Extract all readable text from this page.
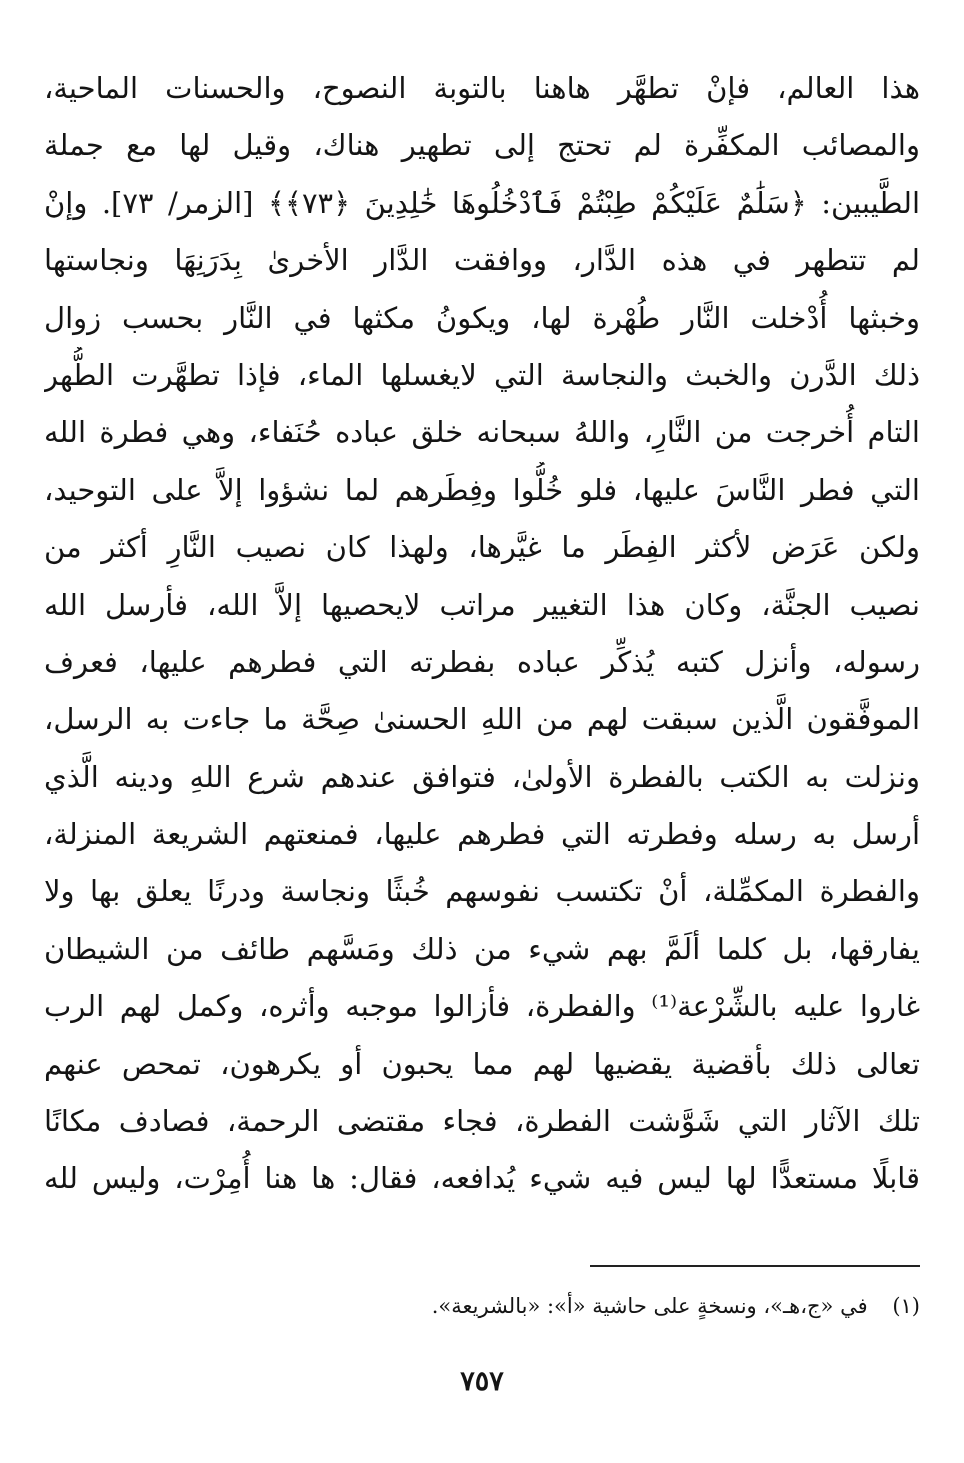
هذا العالم، فإنْ تطهَّر هاهنا بالتوبة النصوح، والحسنات الماحية،
والمصائب المكفِّرة لم تحتج إلى تطهير هناك، وقيل لها مع جملة
الطَّيبين: ﴿سَلَٰمٌ عَلَيْكُمْ طِبْتُمْ فَٱدْخُلُوهَا خَٰلِدِينَ ﴿٧٣﴾﴾ [الزمر/ ٧٣]. وإنْ
لم تتطهر في هذه الدَّار، ووافقت الدَّار الأخرىٰ بِدَرَنِهَا ونجاستها
وخبثها أُدْخلت النَّار طُهْرة لها، ويكونُ مكثها في النَّار بحسب زوال
ذلك الدَّرن والخبث والنجاسة التي لايغسلها الماء، فإذا تطهَّرت الطُّهر
التام أُخرجت من النَّارِ، واللهُ سبحانه خلق عباده حُنَفاء، وهي فطرة الله
التي فطر النَّاسَ عليها، فلو خُلُّوا وفِطَرهم لما نشؤوا إلاَّ على التوحيد،
ولكن عَرَض لأكثر الفِطَر ما غيَّرها، ولهذا كان نصيب النَّارِ أكثر من
نصيب الجنَّة، وكان هذا التغيير مراتب لايحصيها إلاَّ الله، فأرسل الله
رسوله، وأنزل كتبه يُذكِّر عباده بفطرته التي فطرهم عليها، فعرف
الموفَّقون الَّذين سبقت لهم من اللهِ الحسنىٰ صِحَّة ما جاءت به الرسل،
ونزلت به الكتب بالفطرة الأولىٰ، فتوافق عندهم شرع اللهِ ودينه الَّذي
أرسل به رسله وفطرته التي فطرهم عليها، فمنعتهم الشريعة المنزلة،
والفطرة المكمِّلة، أنْ تكتسب نفوسهم خُبثًا ونجاسة ودرنًا يعلق بها ولا
يفارقها، بل كلما ألَمَّ بهم شيء من ذلك ومَسَّهم طائف من الشيطان
غاروا عليه بالشِّرْعة⁽¹⁾ والفطرة، فأزالوا موجبه وأثره، وكمل لهم الرب
تعالى ذلك بأقضية يقضيها لهم مما يحبون أو يكرهون، تمحص عنهم
تلك الآثار التي شَوَّشت الفطرة، فجاء مقتضى الرحمة، فصادف مكانًا
قابلًا مستعدًّا لها ليس فيه شيء يُدافعه، فقال: ها هنا أُمِرْت، وليس لله
(١) في «ج،هـ»، ونسخةٍ على حاشية «أ»: «بالشريعة».
٧٥٧
